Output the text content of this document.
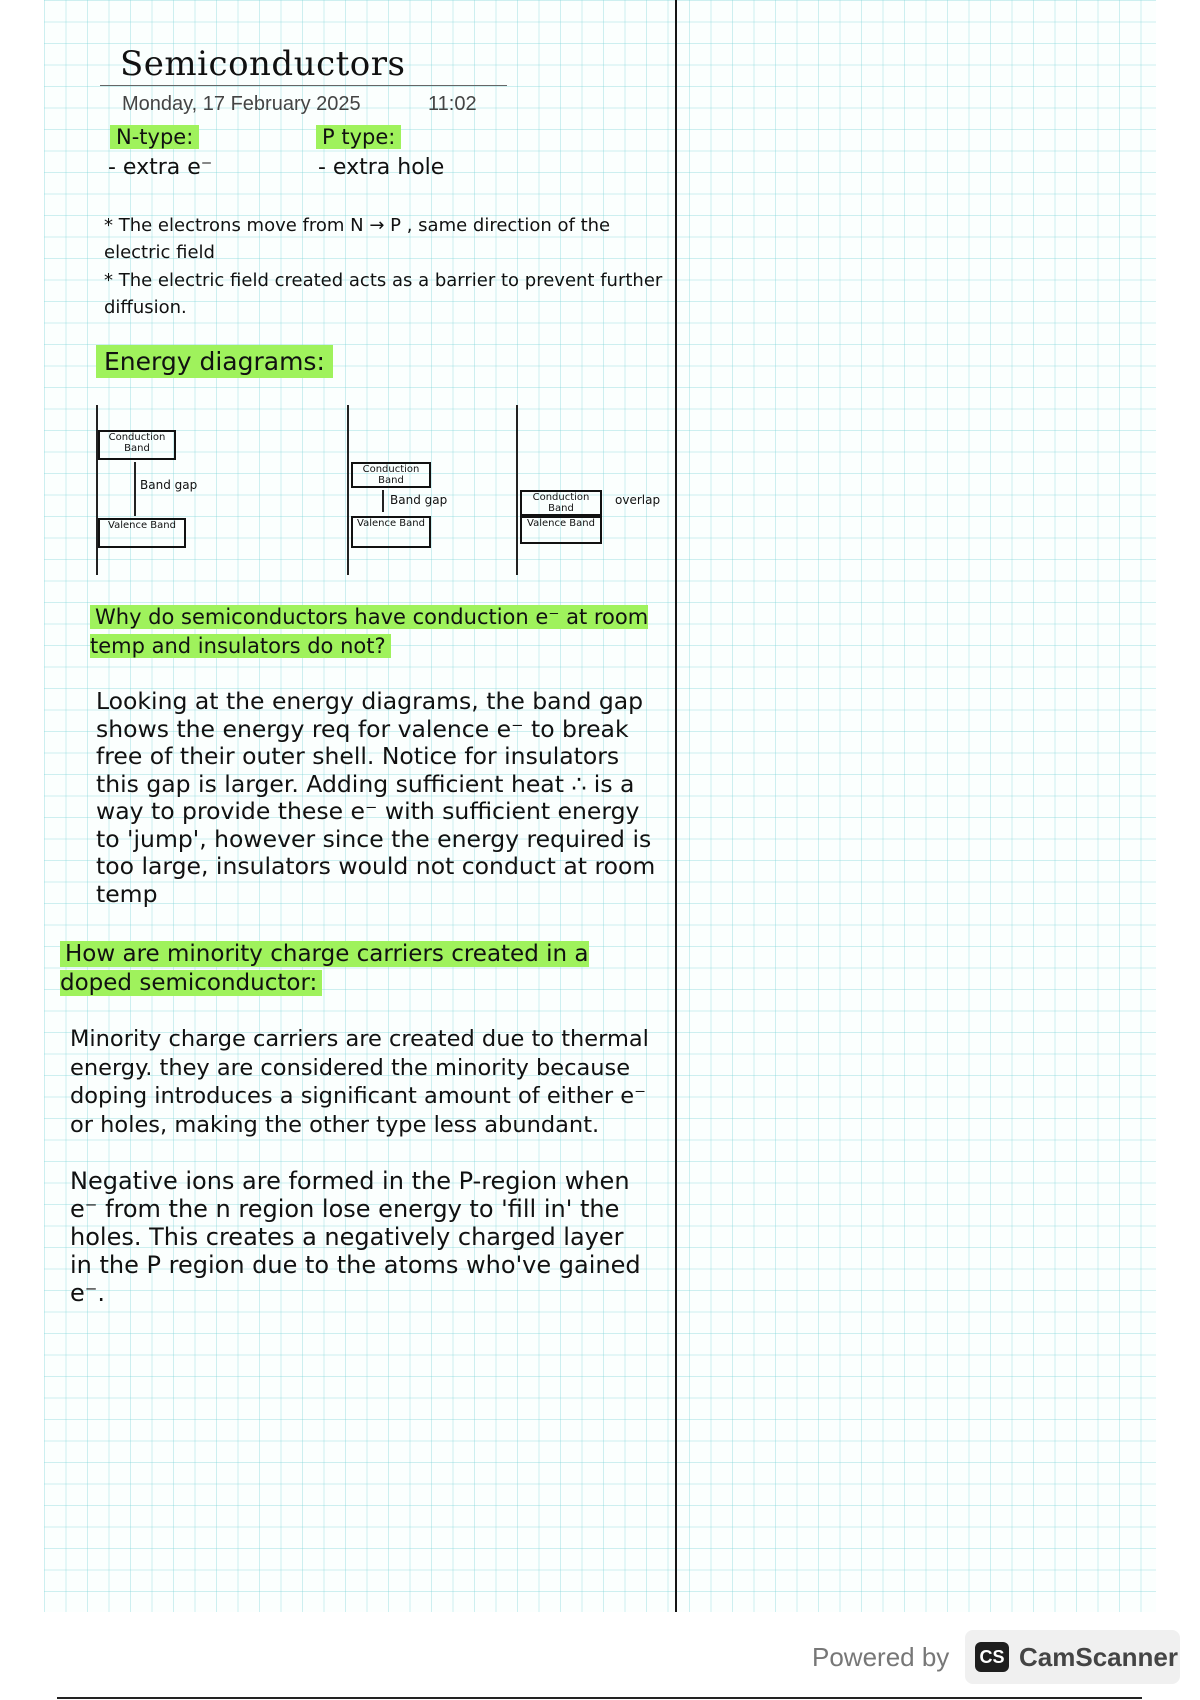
Semiconductors
Monday, 17 February 2025	11:02
N-type:	P type:
- extra e⁻	- extra hole
* The electrons move from N → P , same direction of the electric field
* The electric field created acts as a barrier to prevent further diffusion.
Energy diagrams:
Conduction Band
Band gap
Valence Band
Conduction Band
Band gap
Valence Band
Conduction Band
Valence Band
overlap
Why do semiconductors have conduction e⁻ at room temp and insulators do not?
Looking at the energy diagrams, the band gap shows the energy req for valence e⁻ to break free of their outer shell. Notice for insulators this gap is larger. Adding sufficient heat ∴ is a way to provide these e⁻ with sufficient energy to 'jump', however since the energy required is too large, insulators would not conduct at room temp
How are minority charge carriers created in a doped semiconductor:
Minority charge carriers are created due to thermal energy. they are considered the minority because doping introduces a significant amount of either e⁻ or holes, making the other type less abundant.
Negative ions are formed in the P-region when e⁻ from the n region lose energy to 'fill in' the holes. This creates a negatively charged layer in the P region due to the atoms who've gained e⁻.
Powered by CS CamScanner
